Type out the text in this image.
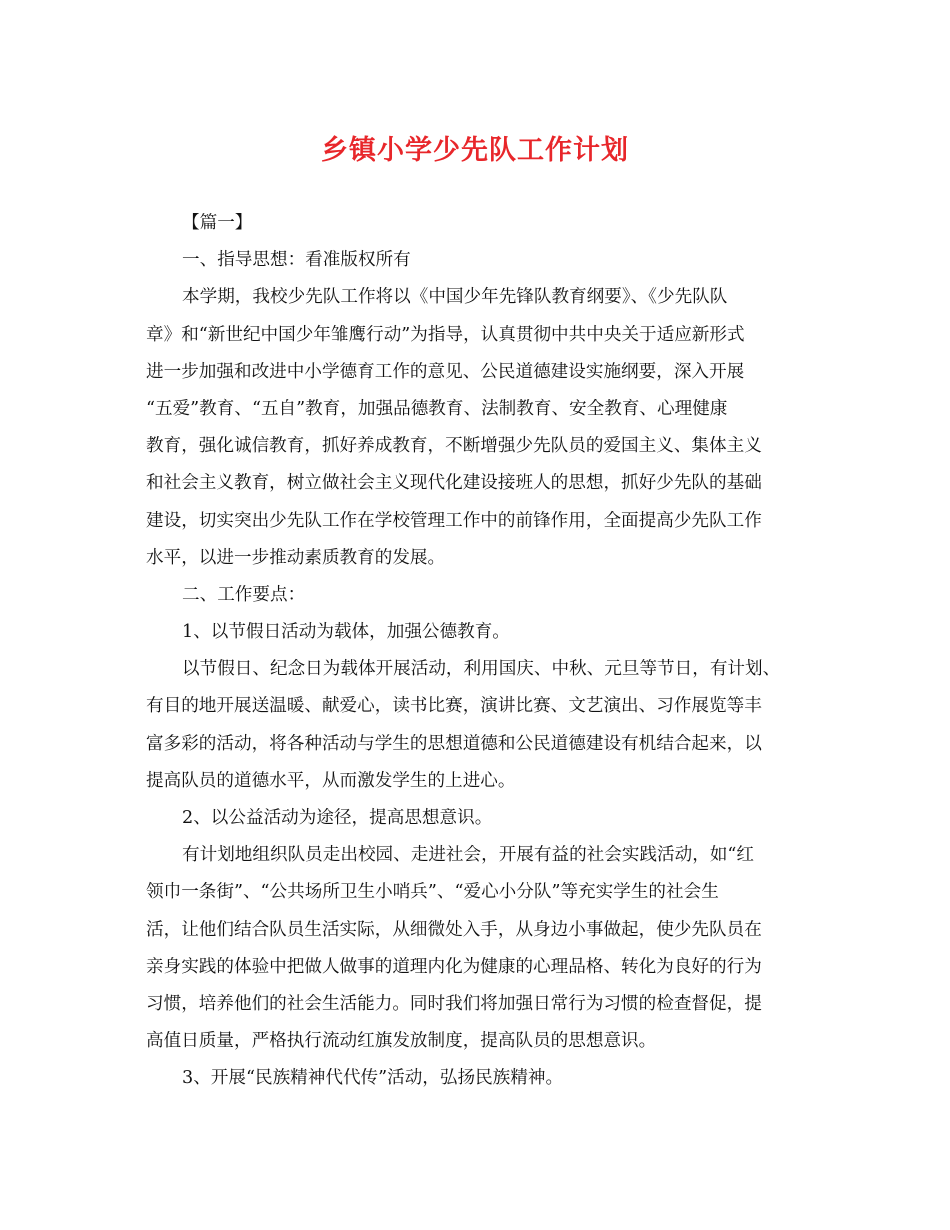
乡镇小学少先队工作计划
【篇一】
一、指导思想：看准版权所有
本学期，我校少先队工作将以《中国少年先锋队教育纲要》、《少先队队
章》和“新世纪中国少年雏鹰行动”为指导，认真贯彻中共中央关于适应新形式
进一步加强和改进中小学德育工作的意见、公民道德建设实施纲要，深入开展
“五爱”教育、“五自”教育，加强品德教育、法制教育、安全教育、心理健康
教育，强化诚信教育，抓好养成教育，不断增强少先队员的爱国主义、集体主义
和社会主义教育，树立做社会主义现代化建设接班人的思想，抓好少先队的基础
建设，切实突出少先队工作在学校管理工作中的前锋作用，全面提高少先队工作
水平，以进一步推动素质教育的发展。
二、工作要点：
1、以节假日活动为载体，加强公德教育。
以节假日、纪念日为载体开展活动，利用国庆、中秋、元旦等节日，有计划、
有目的地开展送温暖、献爱心，读书比赛，演讲比赛、文艺演出、习作展览等丰
富多彩的活动，将各种活动与学生的思想道德和公民道德建设有机结合起来，以
提高队员的道德水平，从而激发学生的上进心。
2、以公益活动为途径，提高思想意识。
有计划地组织队员走出校园、走进社会，开展有益的社会实践活动，如“红
领巾一条街”、“公共场所卫生小哨兵”、“爱心小分队”等充实学生的社会生
活，让他们结合队员生活实际，从细微处入手，从身边小事做起，使少先队员在
亲身实践的体验中把做人做事的道理内化为健康的心理品格、转化为良好的行为
习惯，培养他们的社会生活能力。同时我们将加强日常行为习惯的检查督促，提
高值日质量，严格执行流动红旗发放制度，提高队员的思想意识。
3、开展“民族精神代代传”活动，弘扬民族精神。
